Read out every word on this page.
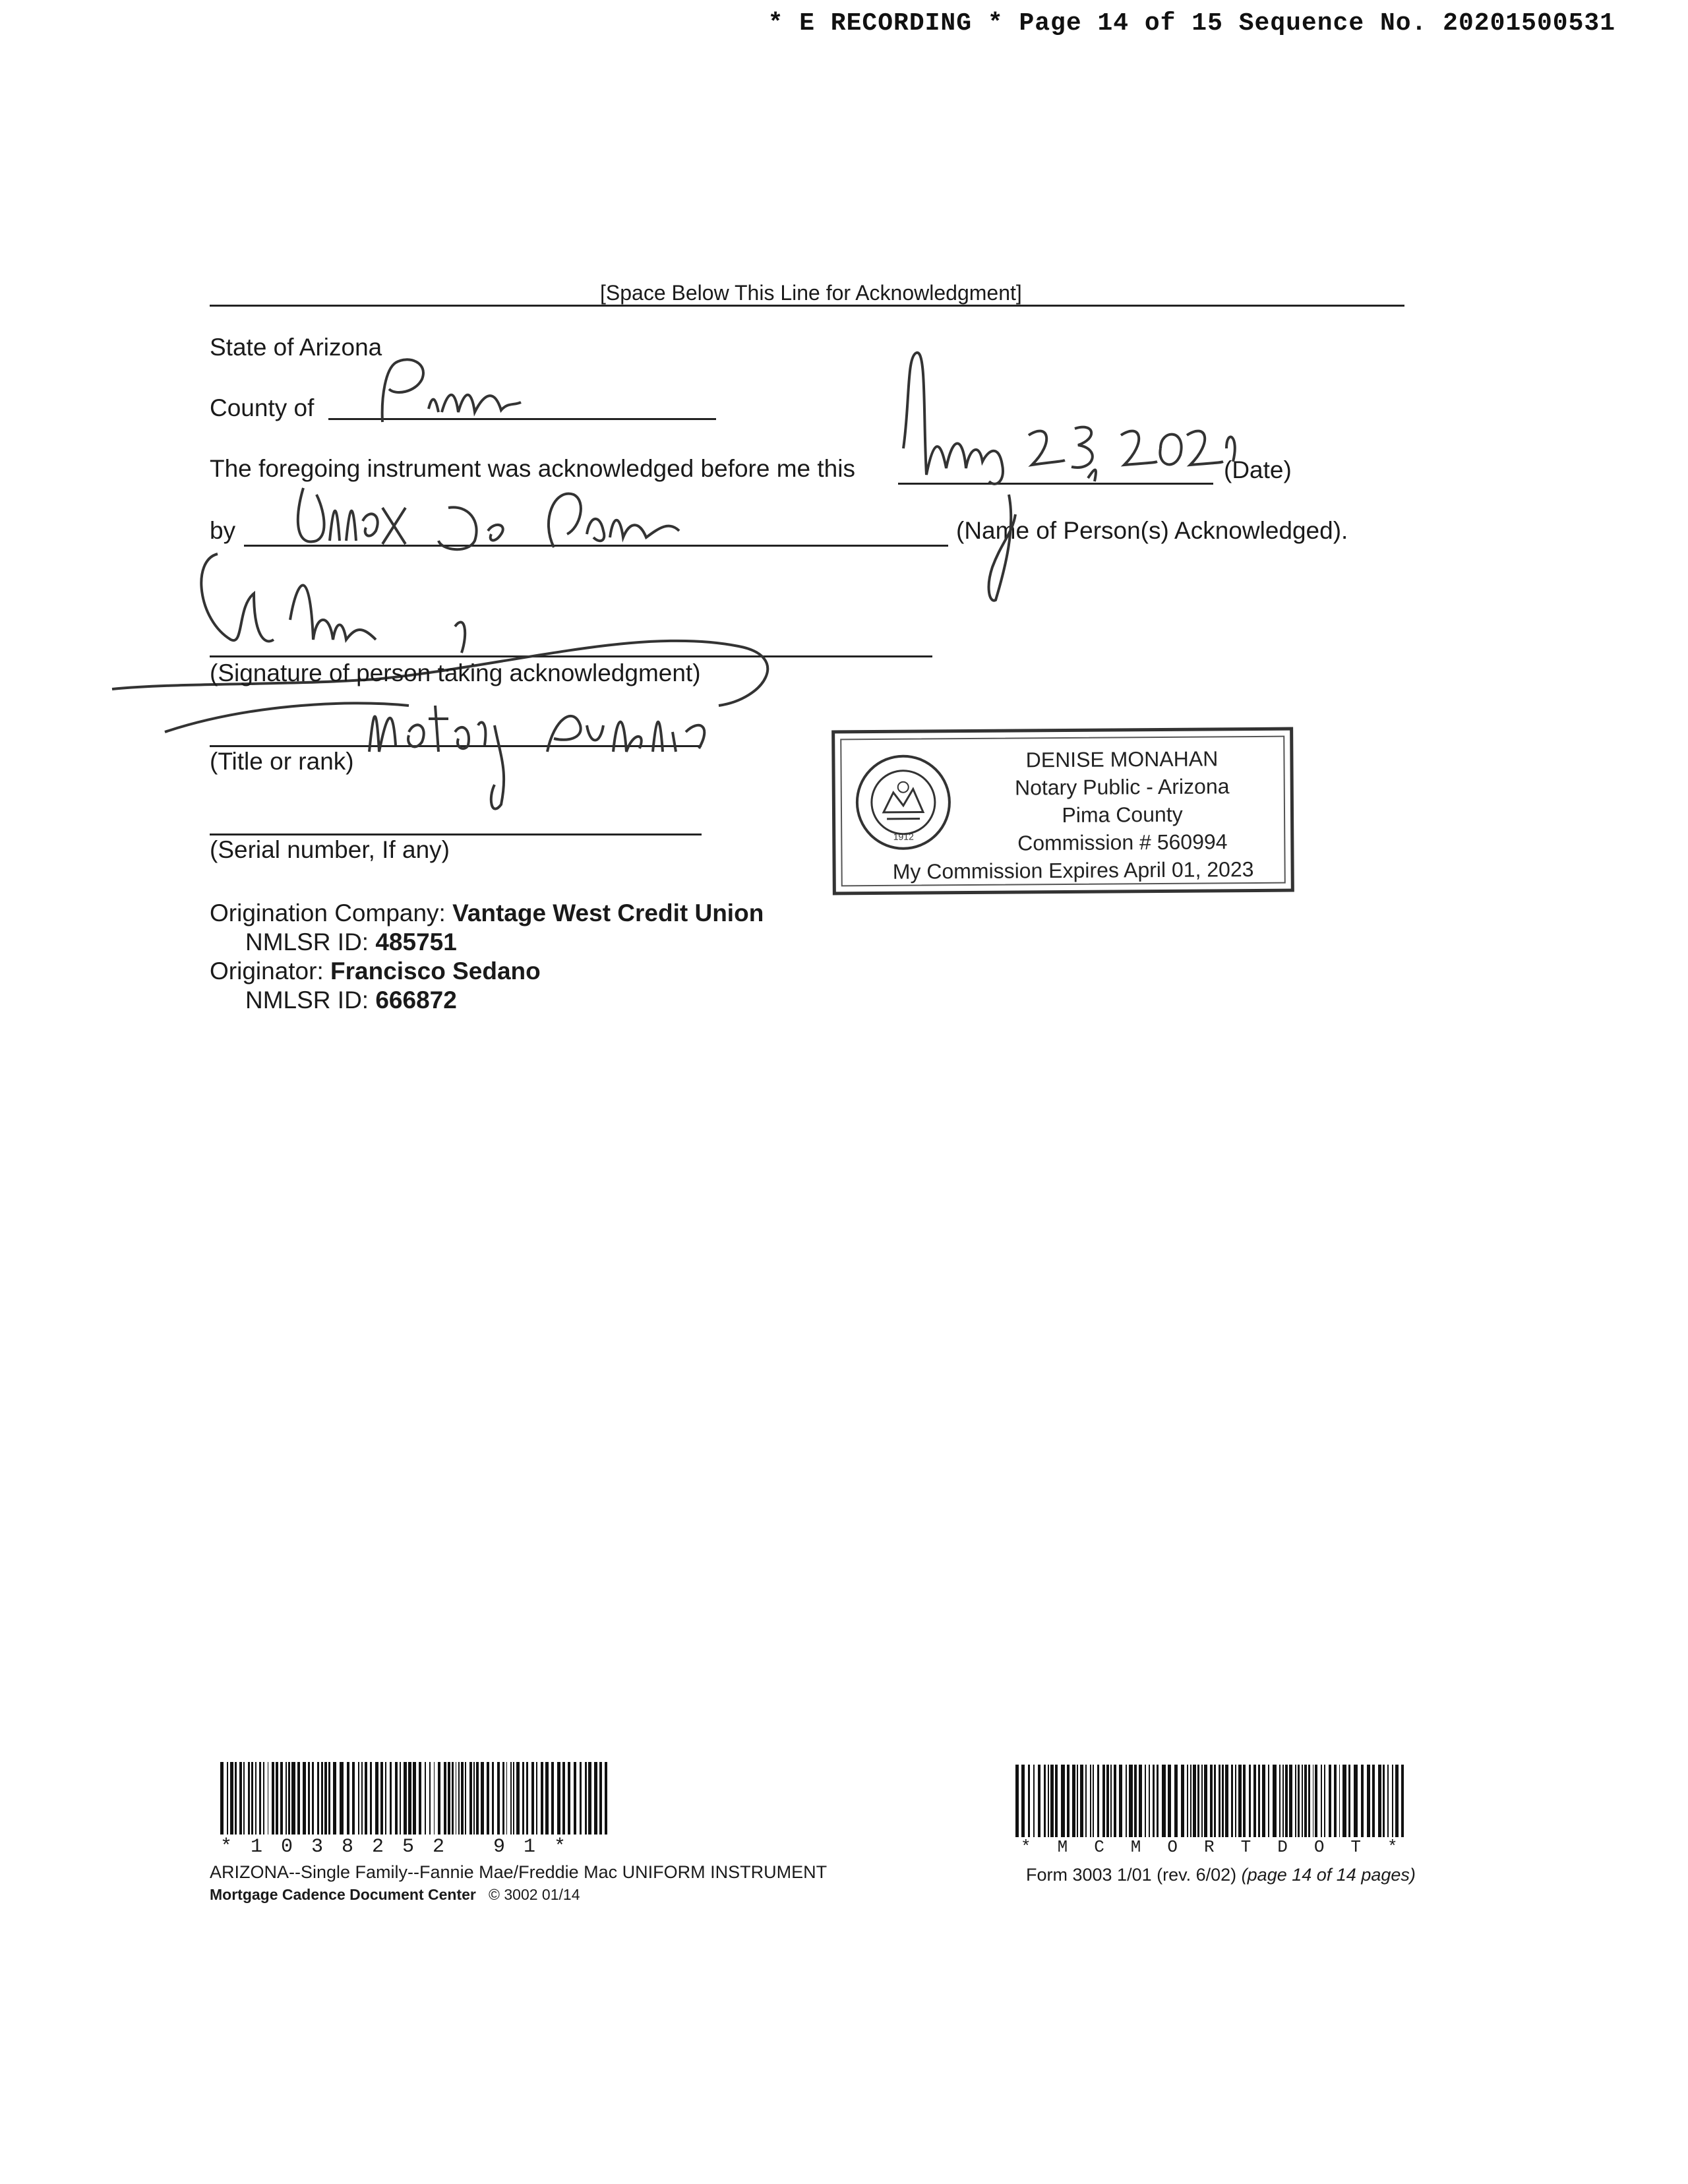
* E RECORDING * Page 14 of 15 Sequence No. 20201500531
[Space Below This Line for Acknowledgment]
State of Arizona
County of
The foregoing instrument was acknowledged before me this	(Date)
by	(Name of Person(s) Acknowledged).
(Signature of person taking acknowledgment)
(Title or rank)
(Serial number, If any)	1912
DENISE MONAHAN
Notary Public - Arizona
Pima County
Commission # 560994
My Commission Expires April 01, 2023
Origination Company: Vantage West Credit Union
NMLSR ID: 485751
Originator: Francisco Sedano
NMLSR ID: 666872
*1038252 91*
ARIZONA--Single Family--Fannie Mae/Freddie Mac UNIFORM INSTRUMENT
Mortgage Cadence Document Center © 3002 01/14
*MCMORTDOT*
Form 3003 1/01 (rev. 6/02) (page 14 of 14 pages)
